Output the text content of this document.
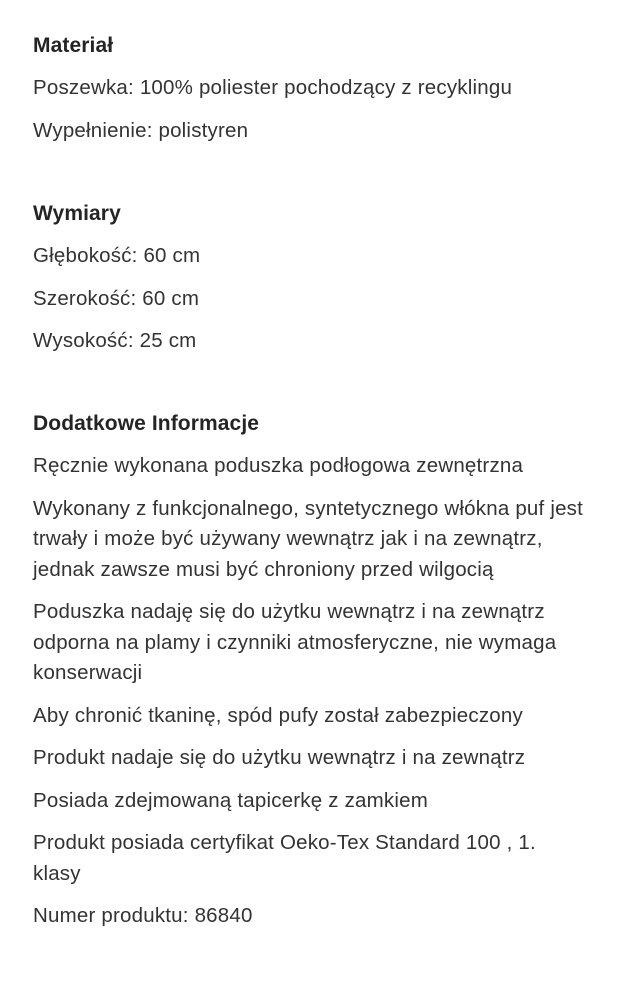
Materiał

Poszewka: 100% poliester pochodzący z recyklingu

Wypełnienie: polistyren

Wymiary

Głębokość: 60 cm

Szerokość: 60 cm

Wysokość: 25 cm

Dodatkowe Informacje

Ręcznie wykonana poduszka podłogowa zewnętrzna

Wykonany z funkcjonalnego, syntetycznego włókna puf jest trwały i może być używany wewnątrz jak i na zewnątrz, jednak zawsze musi być chroniony przed wilgocią

Poduszka nadaję się do użytku wewnątrz i na zewnątrz odporna na plamy i czynniki atmosferyczne, nie wymaga konserwacji

Aby chronić tkaninę, spód pufy został zabezpieczony

Produkt nadaje się do użytku wewnątrz i na zewnątrz

Posiada zdejmowaną tapicerkę z zamkiem

Produkt posiada certyfikat Oeko-Tex Standard 100 , 1. klasy

Numer produktu: 86840
